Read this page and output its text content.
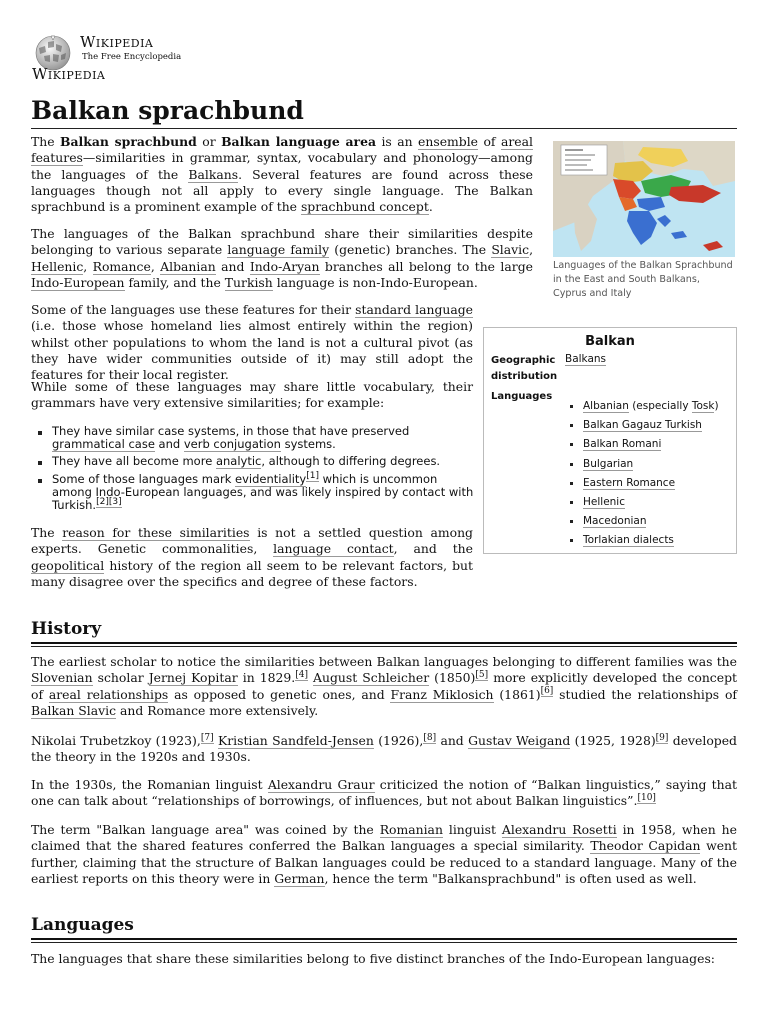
Wikipedia
The Free Encyclopedia
Wikipedia
Balkan sprachbund

The Balkan sprachbund or Balkan language area is an ensemble of areal features—similarities in grammar, syntax, vocabulary and phonology—among the languages of the Balkans. Several features are found across these languages though not all apply to every single language. The Balkan sprachbund is a prominent example of the sprachbund concept.

The languages of the Balkan sprachbund share their similarities despite belonging to various separate language family (genetic) branches. The Slavic, Hellenic, Romance, Albanian and Indo-Aryan branches all belong to the large Indo-European family, and the Turkish language is non-Indo-European.

Languages of the Balkan Sprachbund in the East and South Balkans, Cyprus and Italy

Some of the languages use these features for their standard language (i.e. those whose homeland lies almost entirely within the region) whilst other populations to whom the land is not a cultural pivot (as they have wider communities outside of it) may still adopt the features for their local register.

Balkan
Geographic distribution
Balkans
Languages
Albanian (especially Tosk)
Balkan Gagauz Turkish
Balkan Romani
Bulgarian
Eastern Romance
Hellenic
Macedonian
Torlakian dialects

While some of these languages may share little vocabulary, their grammars have very extensive similarities; for example:

They have similar case systems, in those that have preserved grammatical case and verb conjugation systems.
They have all become more analytic, although to differing degrees.
Some of those languages mark evidentiality[1] which is uncommon among Indo-European languages, and was likely inspired by contact with Turkish.[2][3]

The reason for these similarities is not a settled question among experts. Genetic commonalities, language contact, and the geopolitical history of the region all seem to be relevant factors, but many disagree over the specifics and degree of these factors.

History

The earliest scholar to notice the similarities between Balkan languages belonging to different families was the Slovenian scholar Jernej Kopitar in 1829.[4] August Schleicher (1850)[5] more explicitly developed the concept of areal relationships as opposed to genetic ones, and Franz Miklosich (1861)[6] studied the relationships of Balkan Slavic and Romance more extensively.

Nikolai Trubetzkoy (1923),[7] Kristian Sandfeld-Jensen (1926),[8] and Gustav Weigand (1925, 1928)[9] developed the theory in the 1920s and 1930s.

In the 1930s, the Romanian linguist Alexandru Graur criticized the notion of “Balkan linguistics,” saying that one can talk about “relationships of borrowings, of influences, but not about Balkan linguistics”.[10]

The term "Balkan language area" was coined by the Romanian linguist Alexandru Rosetti in 1958, when he claimed that the shared features conferred the Balkan languages a special similarity. Theodor Capidan went further, claiming that the structure of Balkan languages could be reduced to a standard language. Many of the earliest reports on this theory were in German, hence the term "Balkansprachbund" is often used as well.

Languages

The languages that share these similarities belong to five distinct branches of the Indo-European languages:
